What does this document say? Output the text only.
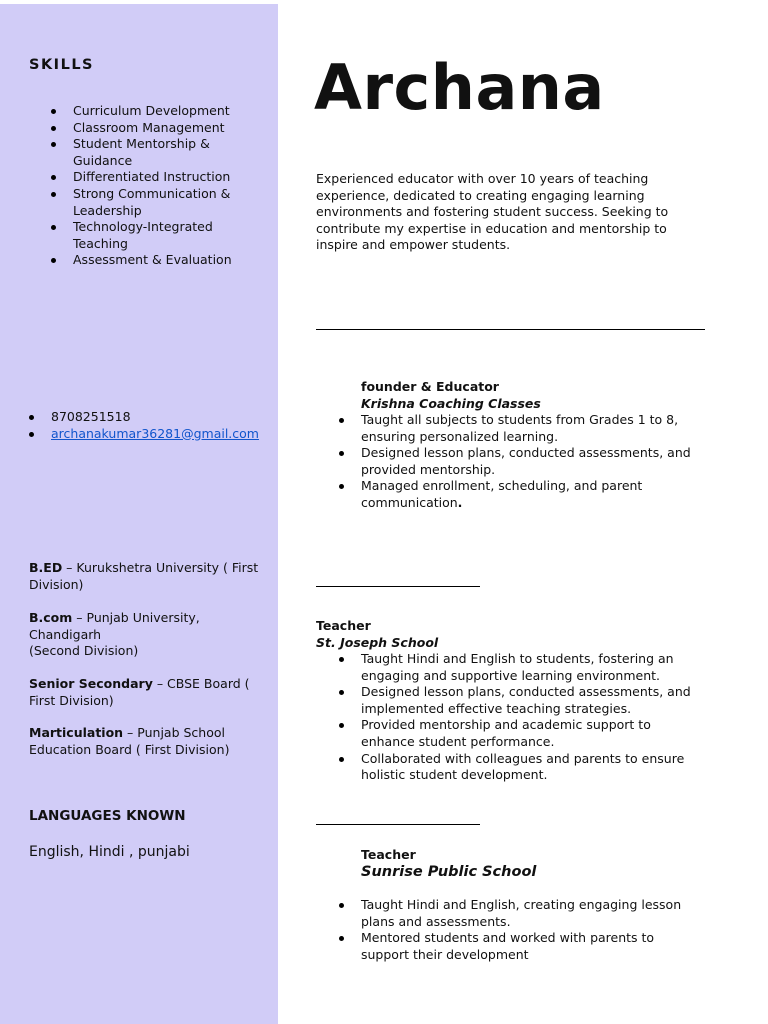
SKILLS
Curriculum Development
Classroom Management
Student Mentorship & Guidance
Differentiated Instruction
Strong Communication & Leadership
Technology-Integrated Teaching
Assessment & Evaluation
8708251518
archanakumar36281@gmail.com
B.ED – Kurukshetra University ( First Division)
B.com – Punjab University, Chandigarh
(Second Division)
Senior Secondary – CBSE Board ( First Division)
Marticulation – Punjab School Education Board ( First Division)
LANGUAGES KNOWN
English, Hindi , punjabi
Archana
Experienced educator with over 10 years of teaching experience, dedicated to creating engaging learning environments and fostering student success. Seeking to contribute my expertise in education and mentorship to inspire and empower students.
founder & Educator
Krishna Coaching Classes
Taught all subjects to students from Grades 1 to 8, ensuring personalized learning.
Designed lesson plans, conducted assessments, and provided mentorship.
Managed enrollment, scheduling, and parent communication.
Teacher
St. Joseph School
Taught Hindi and English to students, fostering an engaging and supportive learning environment.
Designed lesson plans, conducted assessments, and implemented effective teaching strategies.
Provided mentorship and academic support to enhance student performance.
Collaborated with colleagues and parents to ensure holistic student development.
Teacher
Sunrise Public School
Taught Hindi and English, creating engaging lesson plans and assessments.
Mentored students and worked with parents to support their development
